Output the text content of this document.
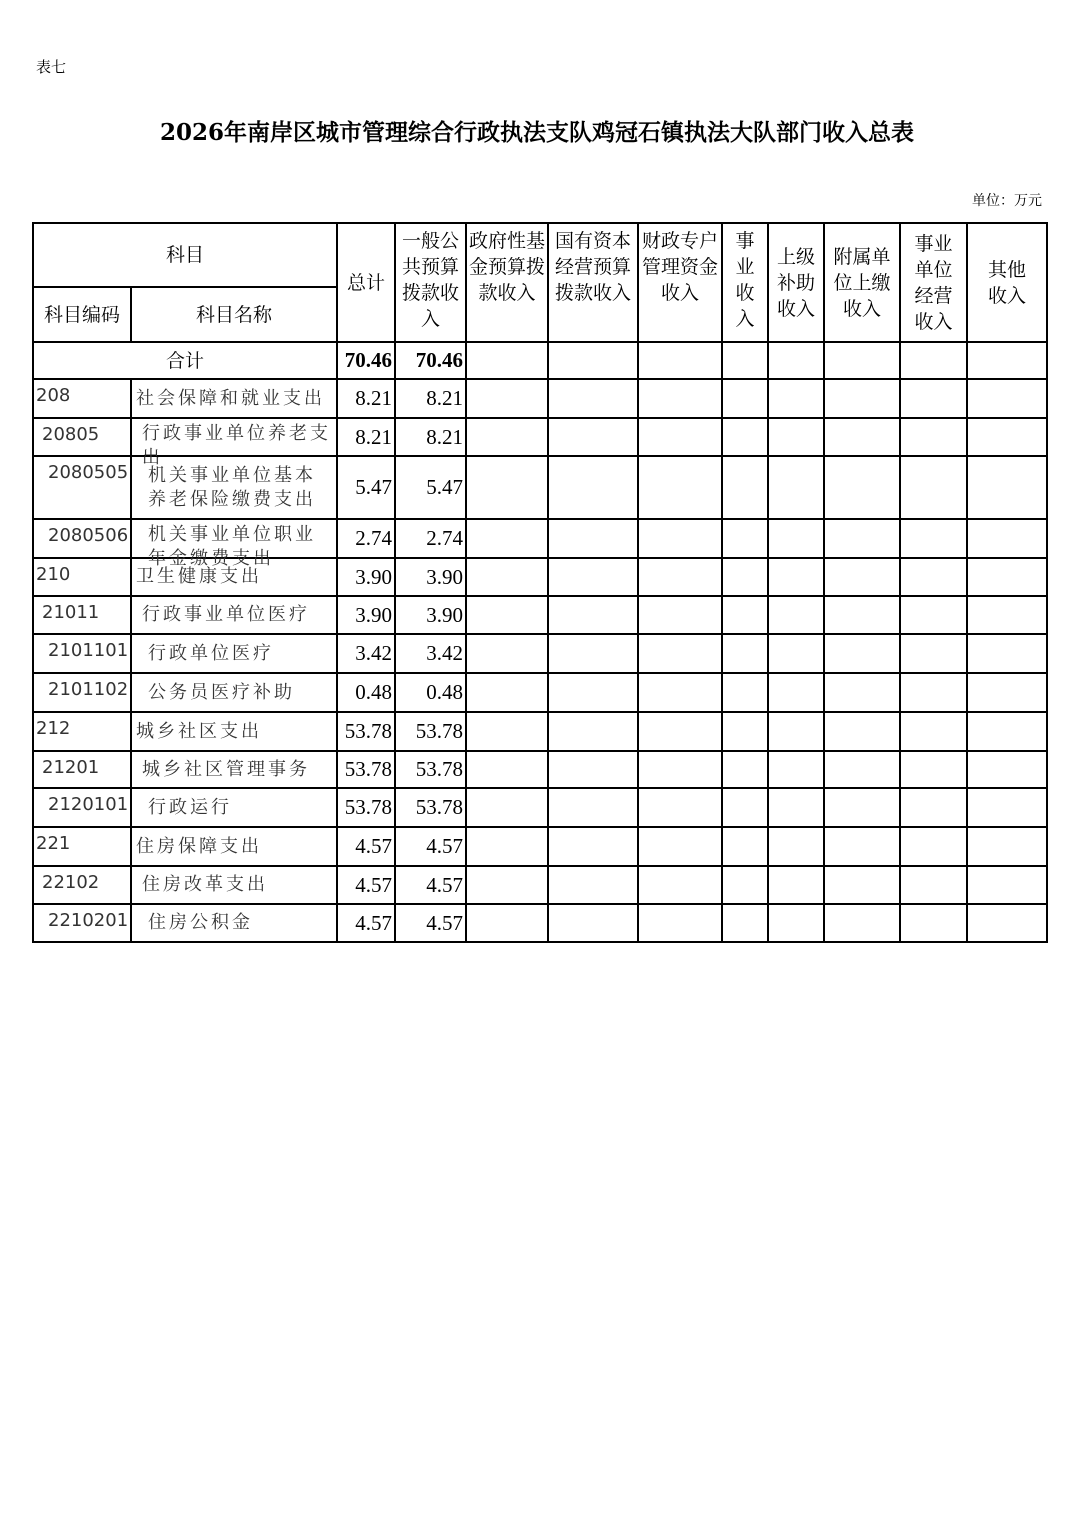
表七
2026年南岸区城市管理综合行政执法支队鸡冠石镇执法大队部门收入总表
单位：万元
科目		总计	一般公共预算拨款收入	政府性基金预算拨款收入	国有资本经营预算拨款收入	财政专户管理资金收入	事业收入	上级补助收入	附属单位上缴收入	事业单位经营收入	其他收入
科目编码	科目名称										
合计		70.46	70.46								

208	社会保障和就业支出	8.21	8.21								

20805	行政事业单位养老支出	8.21	8.21								

2080505	机关事业单位基本养老保险缴费支出	5.47	5.47								

2080506	机关事业单位职业年金缴费支出	2.74	2.74								

210	卫生健康支出	3.90	3.90								

21011	行政事业单位医疗	3.90	3.90								

2101101	行政单位医疗	3.42	3.42								

2101102	公务员医疗补助	0.48	0.48								

212	城乡社区支出	53.78	53.78								

21201	城乡社区管理事务	53.78	53.78								

2120101	行政运行	53.78	53.78								

221	住房保障支出	4.57	4.57								

22102	住房改革支出	4.57	4.57								

2210201	住房公积金	4.57	4.57								
